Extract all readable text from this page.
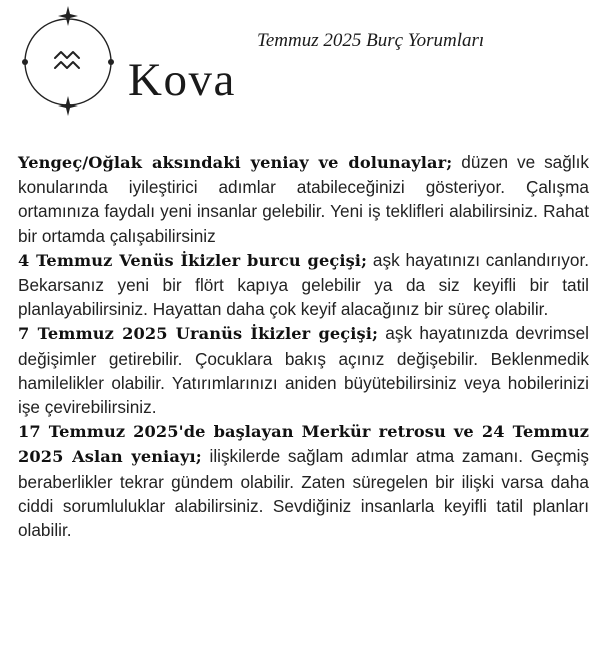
Temmuz 2025 Burç Yorumları
Kova

Yengeç/Oğlak aksındaki yeniay ve dolunaylar; düzen ve sağlık konularında iyileştirici adımlar atabileceğinizi gösteriyor. Çalışma ortamınıza faydalı yeni insanlar gelebilir. Yeni iş teklifleri alabilirsiniz. Rahat bir ortamda çalışabilirsiniz

4 Temmuz Venüs İkizler burcu geçişi; aşk hayatınızı canlandırıyor. Bekarsanız yeni bir flört kapıya gelebilir ya da siz keyifli bir tatil planlayabilirsiniz. Hayattan daha çok keyif alacağınız bir süreç olabilir.

7 Temmuz 2025 Uranüs İkizler geçişi; aşk hayatınızda devrimsel değişimler getirebilir. Çocuklara bakış açınız değişebilir. Beklenmedik hamilelikler olabilir. Yatırımlarınızı aniden büyütebilirsiniz veya hobilerinizi işe çevirebilirsiniz.

17 Temmuz 2025'de başlayan Merkür retrosu ve 24 Temmuz 2025 Aslan yeniayı; ilişkilerde sağlam adımlar atma zamanı. Geçmiş beraberlikler tekrar gündem olabilir. Zaten süregelen bir ilişki varsa daha ciddi sorumluluklar alabilirsiniz. Sevdiğiniz insanlarla keyifli tatil planları olabilir.
